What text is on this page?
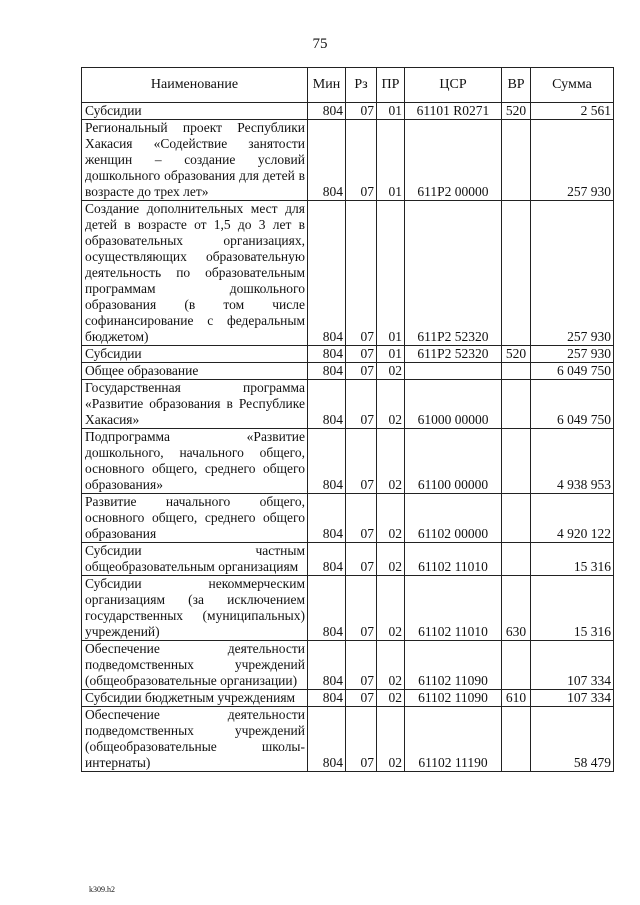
75
Наименование	Мин	Рз	ПР	ЦСР	ВР	Сумма
Субсидии	804	07	01	61101 R0271	520	2 561
Региональный проект Республики Хакасия «Содействие занятости женщин – создание условий дошкольного образования для детей в возрасте до трех лет»	804	07	01	611P2 00000		257 930
Создание дополнительных мест для детей в возрасте от 1,5 до 3 лет в образовательных организациях, осуществляющих образовательную деятельность по образовательным программам дошкольного образования (в том числе софинансирование с федеральным бюджетом)	804	07	01	611P2 52320		257 930
Субсидии	804	07	01	611P2 52320	520	257 930
Общее образование	804	07	02			6 049 750
Государственная программа «Развитие образования в Республике Хакасия»	804	07	02	61000 00000		6 049 750
Подпрограмма «Развитие дошкольного, начального общего, основного общего, среднего общего образования»	804	07	02	61100 00000		4 938 953
Развитие начального общего, основного общего, среднего общего образования	804	07	02	61102 00000		4 920 122
Субсидии частным общеобразовательным организациям	804	07	02	61102 11010		15 316
Субсидии некоммерческим организациям (за исключением государственных (муниципальных) учреждений)	804	07	02	61102 11010	630	15 316
Обеспечение деятельности подведомственных учреждений (общеобразовательные организации)	804	07	02	61102 11090		107 334
Субсидии бюджетным учреждениям	804	07	02	61102 11090	610	107 334
Обеспечение деятельности подведомственных учреждений (общеобразовательные школы-интернаты)	804	07	02	61102 11190		58 479
k309.h2
